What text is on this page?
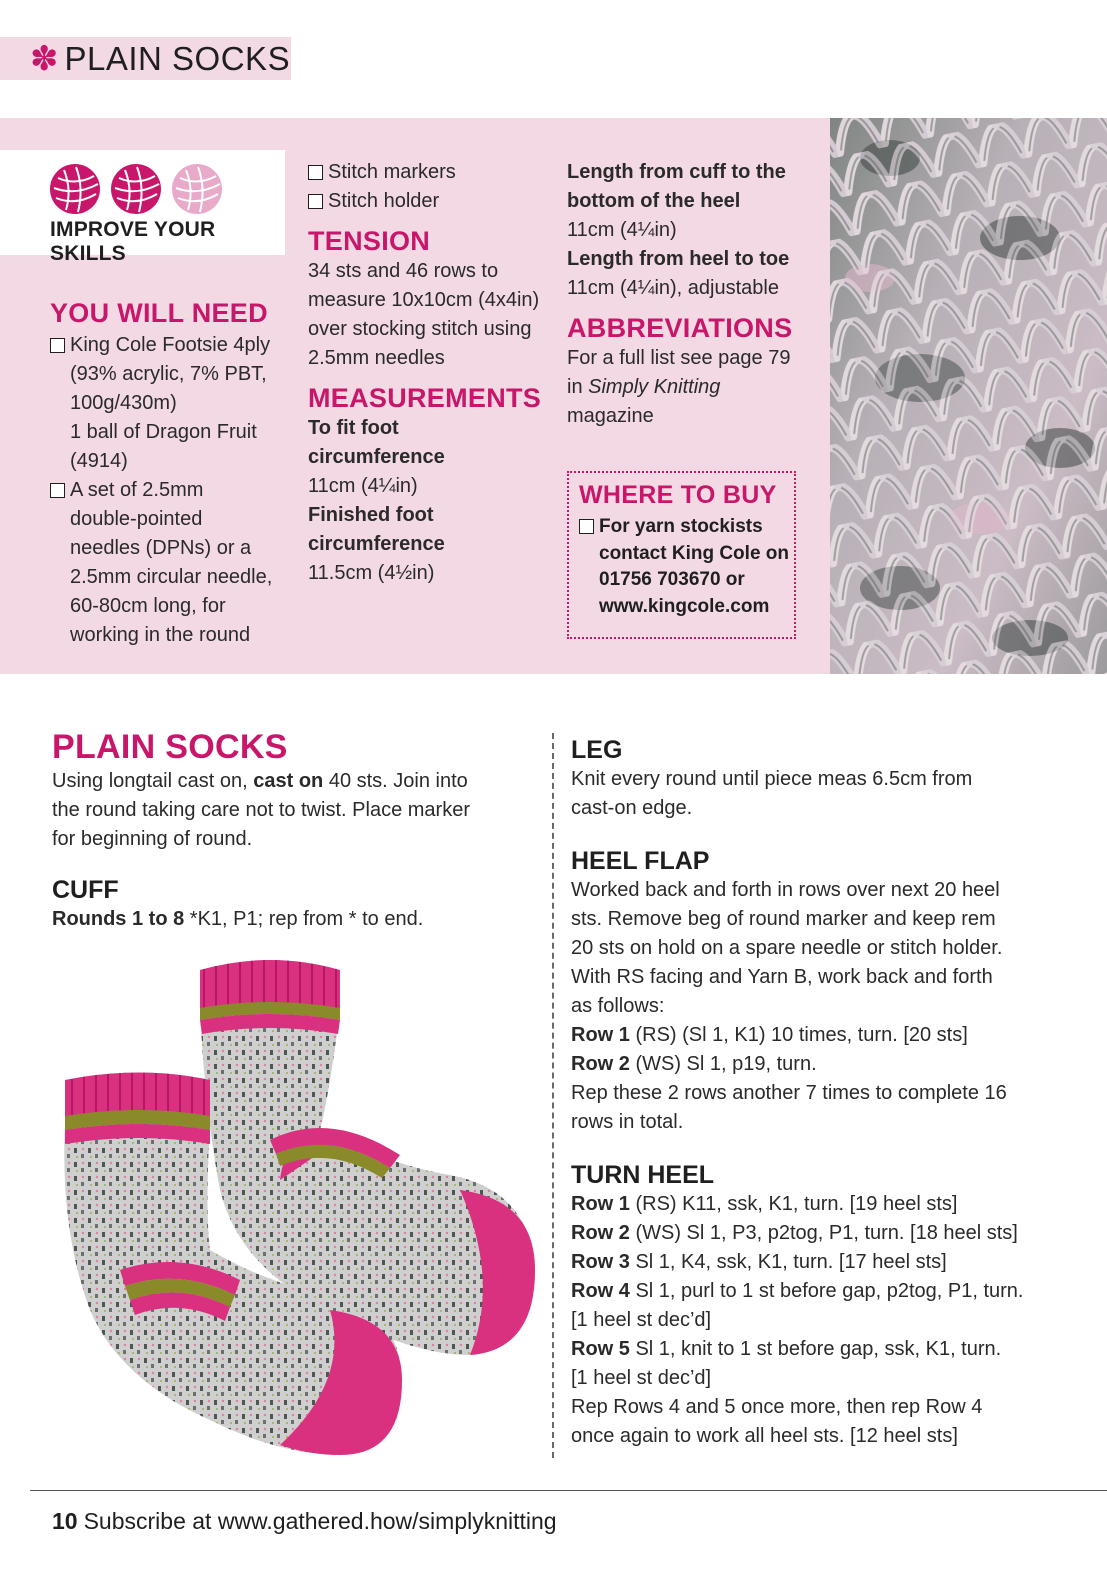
✽ PLAIN SOCKS
IMPROVE YOUR SKILLS
YOU WILL NEED
King Cole Footsie 4ply
(93% acrylic, 7% PBT,
100g/430m)
1 ball of Dragon Fruit
(4914)
A set of 2.5mm
double-pointed
needles (DPNs) or a
2.5mm circular needle,
60-80cm long, for
working in the round
Stitch markers
Stitch holder
TENSION
34 sts and 46 rows to
measure 10x10cm (4x4in)
over stocking stitch using
2.5mm needles
MEASUREMENTS
To fit foot
circumference
11cm (4¼in)
Finished foot
circumference
11.5cm (4½in)
Length from cuff to the
bottom of the heel
11cm (4¼in)
Length from heel to toe
11cm (4¼in), adjustable
ABBREVIATIONS
For a full list see page 79
in Simply Knitting
magazine
WHERE TO BUY
For yarn stockists
contact King Cole on
01756 703670 or
www.kingcole.com
PLAIN SOCKS
Using longtail cast on, cast on 40 sts. Join into
the round taking care not to twist. Place marker
for beginning of round.
CUFF
Rounds 1 to 8 *K1, P1; rep from * to end.
LEG
Knit every round until piece meas 6.5cm from
cast-on edge.
HEEL FLAP
Worked back and forth in rows over next 20 heel
sts. Remove beg of round marker and keep rem
20 sts on hold on a spare needle or stitch holder.
With RS facing and Yarn B, work back and forth
as follows:
Row 1 (RS) (Sl 1, K1) 10 times, turn. [20 sts]
Row 2 (WS) Sl 1, p19, turn.
Rep these 2 rows another 7 times to complete 16
rows in total.
TURN HEEL
Row 1 (RS) K11, ssk, K1, turn. [19 heel sts]
Row 2 (WS) Sl 1, P3, p2tog, P1, turn. [18 heel sts]
Row 3 Sl 1, K4, ssk, K1, turn. [17 heel sts]
Row 4 Sl 1, purl to 1 st before gap, p2tog, P1, turn.
[1 heel st dec’d]
Row 5 Sl 1, knit to 1 st before gap, ssk, K1, turn.
[1 heel st dec’d]
Rep Rows 4 and 5 once more, then rep Row 4
once again to work all heel sts. [12 heel sts]
10 Subscribe at www.gathered.how/simplyknitting
